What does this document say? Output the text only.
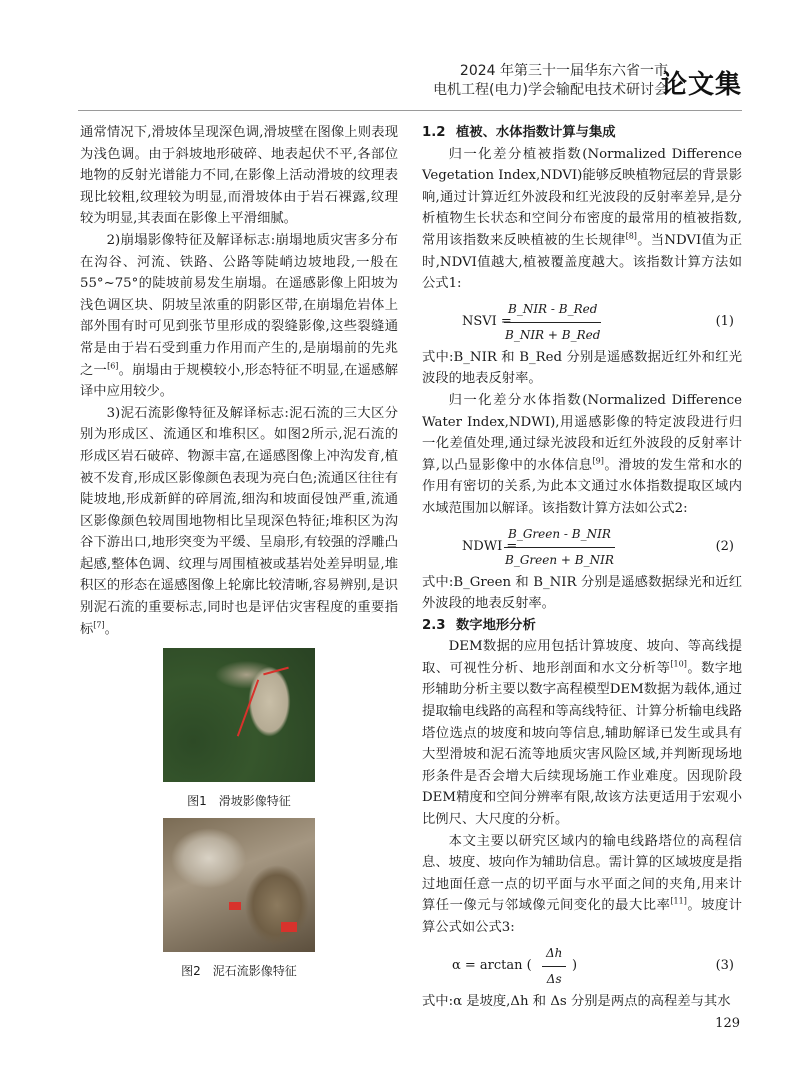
2024 年第三十一届华东六省一市
电机工程(电力)学会输配电技术研讨会
论文集

通常情况下,滑坡体呈现深色调,滑坡壁在图像上则表现为浅色调。由于斜坡地形破碎、地表起伏不平,各部位地物的反射光谱能力不同,在影像上活动滑坡的纹理表现比较粗,纹理较为明显,而滑坡体由于岩石裸露,纹理较为明显,其表面在影像上平滑细腻。

2)崩塌影像特征及解译标志:崩塌地质灾害多分布在沟谷、河流、铁路、公路等陡峭边坡地段,一般在55°~75°的陡坡前易发生崩塌。在遥感影像上阳坡为浅色调区块、阴坡呈浓重的阴影区带,在崩塌危岩体上部外围有时可见到张节里形成的裂缝影像,这些裂缝通常是由于岩石受到重力作用而产生的,是崩塌前的先兆之一[6]。崩塌由于规模较小,形态特征不明显,在遥感解译中应用较少。

3)泥石流影像特征及解译标志:泥石流的三大区分别为形成区、流通区和堆积区。如图2所示,泥石流的形成区岩石破碎、物源丰富,在遥感图像上冲沟发育,植被不发育,形成区影像颜色表现为亮白色;流通区往往有陡坡地,形成新鲜的碎屑流,细沟和坡面侵蚀严重,流通区影像颜色较周围地物相比呈现深色特征;堆积区为沟谷下游出口,地形突变为平缓、呈扇形,有较强的浮雕凸起感,整体色调、纹理与周围植被或基岩处差异明显,堆积区的形态在遥感图像上轮廓比较清晰,容易辨别,是识别泥石流的重要标志,同时也是评估灾害程度的重要指标[7]。

图1　滑坡影像特征
图2　泥石流影像特征
1.2 植被、水体指数计算与集成

归一化差分植被指数(Normalized Difference Vegetation Index,NDVI)能够反映植物冠层的背景影响,通过计算近红外波段和红光波段的反射率差异,是分析植物生长状态和空间分布密度的最常用的植被指数,常用该指数来反映植被的生长规律[8]。当NDVI值为正时,NDVI值越大,植被覆盖度越大。该指数计算方法如公式1:

NSVI =
B_NIR - B_Red
B_NIR + B_Red
(1)

式中:B_NIR 和 B_Red 分别是遥感数据近红外和红光波段的地表反射率。

归一化差分水体指数(Normalized Difference Water Index,NDWI),用遥感影像的特定波段进行归一化差值处理,通过绿光波段和近红外波段的反射率计算,以凸显影像中的水体信息[9]。滑坡的发生常和水的作用有密切的关系,为此本文通过水体指数提取区域内水域范围加以解译。该指数计算方法如公式2:

NDWI =
B_Green - B_NIR
B_Green + B_NIR
(2)

式中:B_Green 和 B_NIR 分别是遥感数据绿光和近红外波段的地表反射率。

2.3 数字地形分析

DEM数据的应用包括计算坡度、坡向、等高线提取、可视性分析、地形剖面和水文分析等[10]。数字地形辅助分析主要以数字高程模型DEM数据为载体,通过提取输电线路的高程和等高线特征、计算分析输电线路塔位选点的坡度和坡向等信息,辅助解译已发生或具有大型滑坡和泥石流等地质灾害风险区域,并判断现场地形条件是否会增大后续现场施工作业难度。因现阶段DEM精度和空间分辨率有限,故该方法更适用于宏观小比例尺、大尺度的分析。

本文主要以研究区域内的输电线路塔位的高程信息、坡度、坡向作为辅助信息。需计算的区域坡度是指过地面任意一点的切平面与水平面之间的夹角,用来计算任一像元与邻域像元间变化的最大比率[11]。坡度计算公式如公式3:

α = arctan ( $\frac{\Delta h}{\Delta s}$ )	(3)

式中:α 是坡度,Δh 和 Δs 分别是两点的高程差与其水

129
